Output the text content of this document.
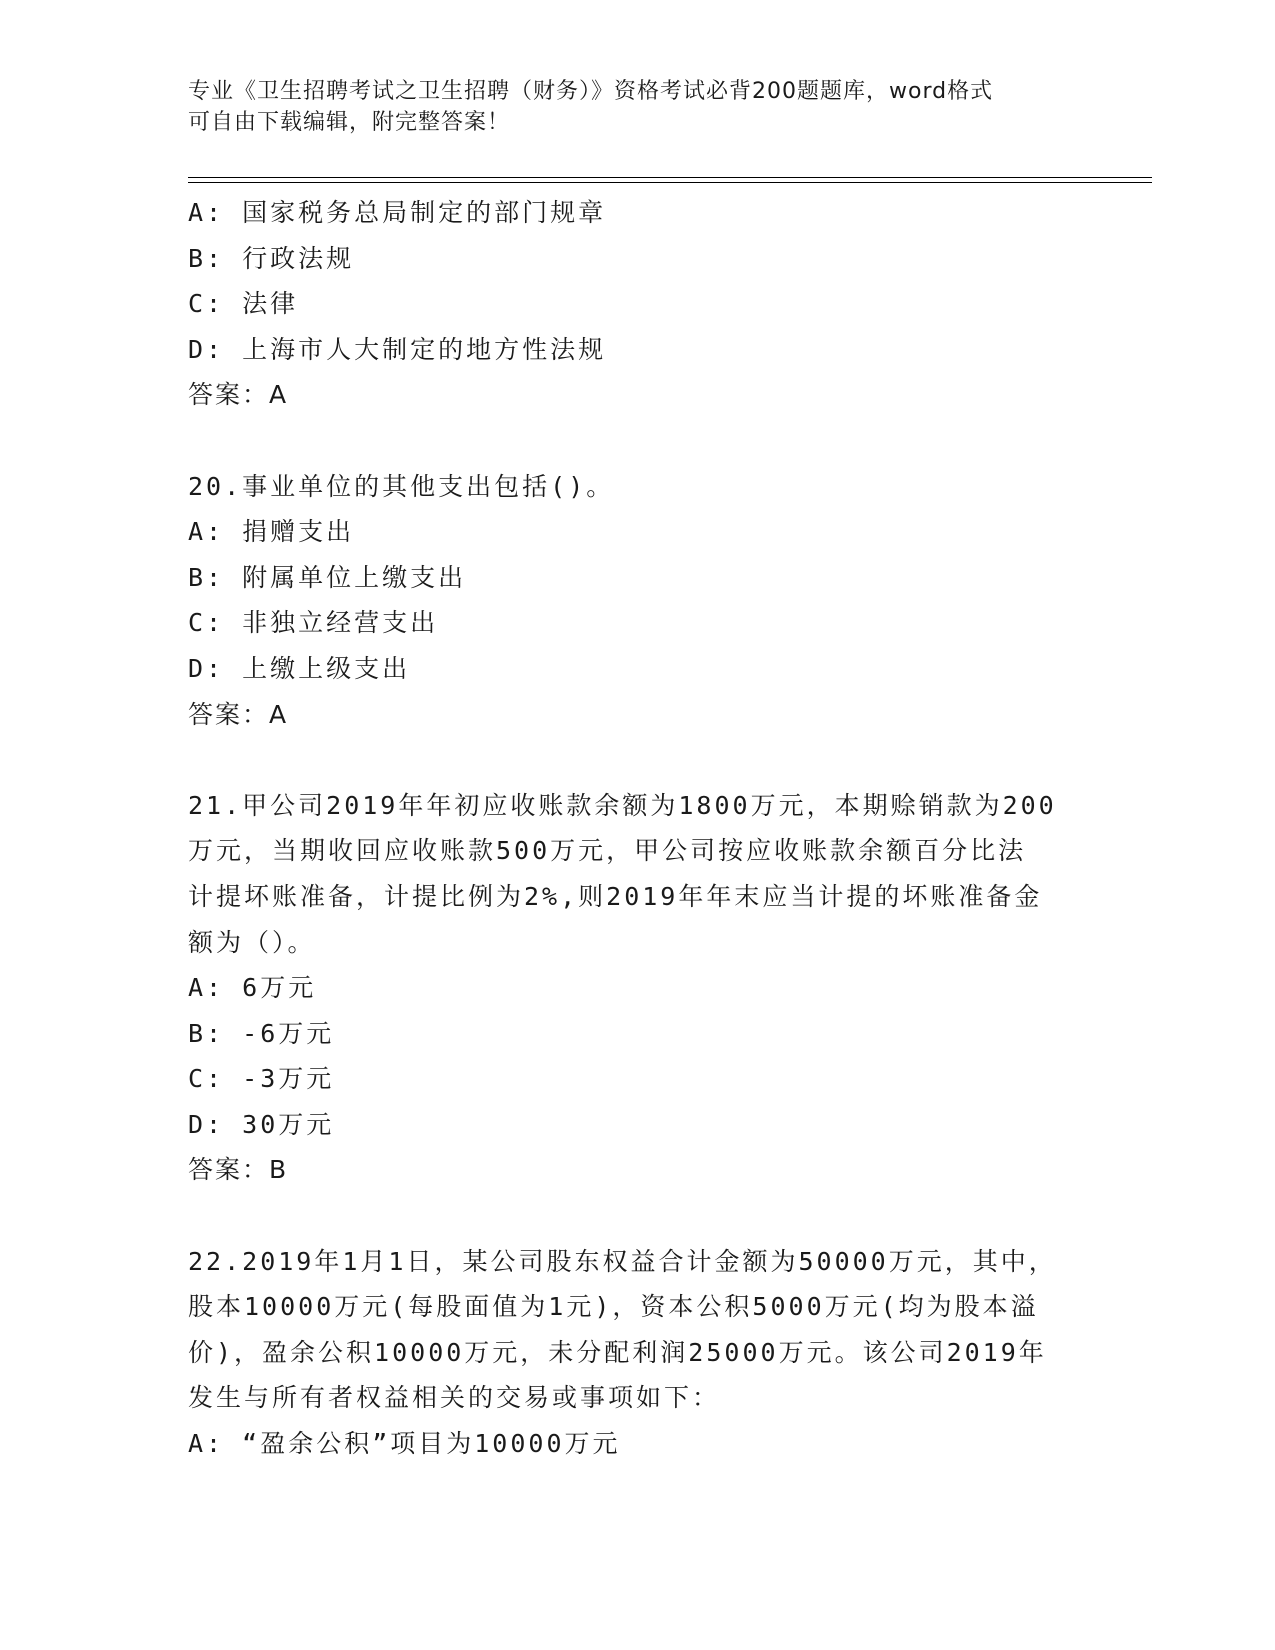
专业《卫生招聘考试之卫生招聘（财务）》资格考试必背200题题库，word格式
可自由下载编辑，附完整答案！

A: 国家税务总局制定的部门规章

B: 行政法规

C: 法律

D: 上海市人大制定的地方性法规

答案：A

20.事业单位的其他支出包括()。

A: 捐赠支出

B: 附属单位上缴支出

C: 非独立经营支出

D: 上缴上级支出

答案：A

21.甲公司2019年年初应收账款余额为1800万元，本期赊销款为200

万元，当期收回应收账款500万元，甲公司按应收账款余额百分比法

计提坏账准备，计提比例为2%,则2019年年末应当计提的坏账准备金

额为（）。

A: 6万元

B: -6万元

C: -3万元

D: 30万元

答案：B

22.2019年1月1日，某公司股东权益合计金额为50000万元，其中，

股本10000万元(每股面值为1元)，资本公积5000万元(均为股本溢

价)，盈余公积10000万元，未分配利润25000万元。该公司2019年

发生与所有者权益相关的交易或事项如下：

A: “盈余公积”项目为10000万元
